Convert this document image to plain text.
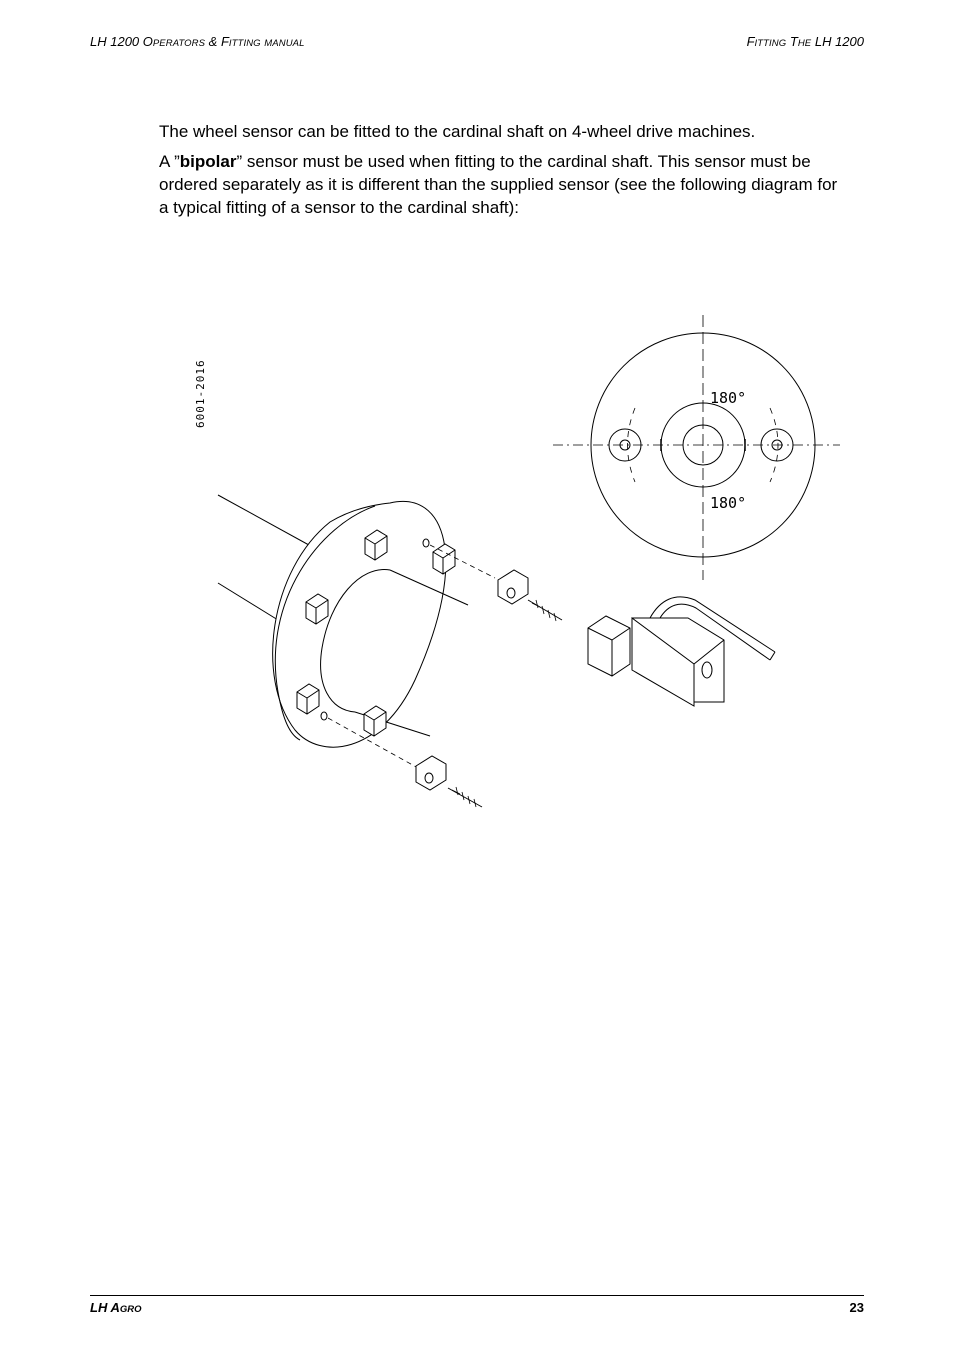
LH 1200 OPERATORS & FITTING MANUAL	FITTING THE LH 1200

The wheel sensor can be fitted to the cardinal shaft on 4-wheel drive machines.

A ”bipolar” sensor must be used when fitting to the cardinal shaft. This sensor must be ordered separately as it is different than the supplied sensor (see the following diagram for a typical fitting of a sensor to the cardinal shaft):

6001-2016	180°
180°
LH AGRO	23
